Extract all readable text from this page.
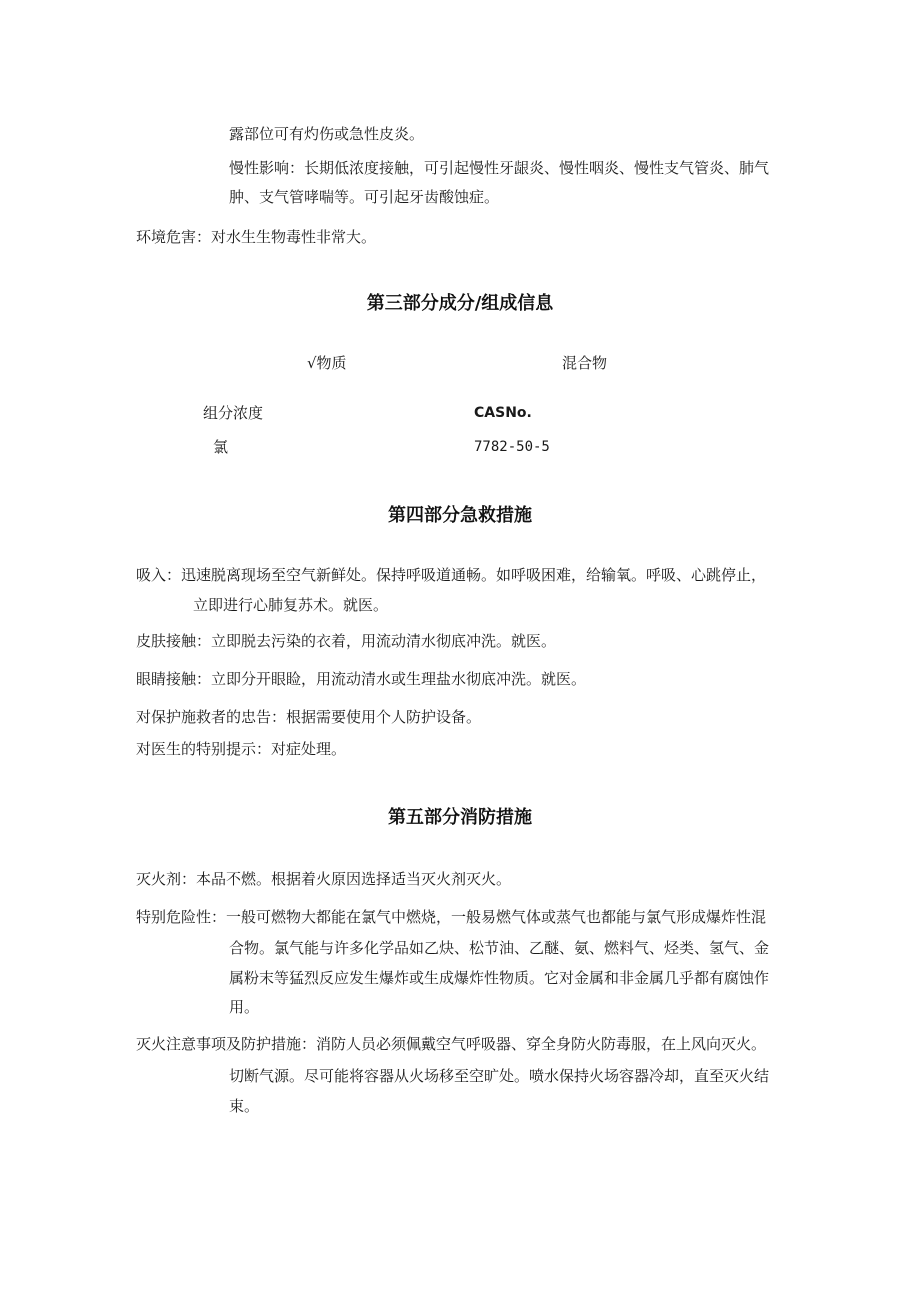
露部位可有灼伤或急性皮炎。
慢性影响：长期低浓度接触，可引起慢性牙龈炎、慢性咽炎、慢性支气管炎、肺气
肿、支气管哮喘等。可引起牙齿酸蚀症。
环境危害：对水生生物毒性非常大。
第三部分成分/组成信息
√物质	混合物
组分浓度	CASNo.
氯	7782-50-5
第四部分急救措施
吸入：迅速脱离现场至空气新鲜处。保持呼吸道通畅。如呼吸困难，给输氧。呼吸、心跳停止，
立即进行心肺复苏术。就医。
皮肤接触：立即脱去污染的衣着，用流动清水彻底冲洗。就医。
眼睛接触：立即分开眼睑，用流动清水或生理盐水彻底冲洗。就医。
对保护施救者的忠告：根据需要使用个人防护设备。
对医生的特别提示：对症处理。
第五部分消防措施
灭火剂：本品不燃。根据着火原因选择适当灭火剂灭火。
特别危险性：一般可燃物大都能在氯气中燃烧，一般易燃气体或蒸气也都能与氯气形成爆炸性混
合物。氯气能与许多化学品如乙炔、松节油、乙醚、氨、燃料气、烃类、氢气、金
属粉末等猛烈反应发生爆炸或生成爆炸性物质。它对金属和非金属几乎都有腐蚀作
用。
灭火注意事项及防护措施：消防人员必须佩戴空气呼吸器、穿全身防火防毒服，在上风向灭火。
切断气源。尽可能将容器从火场移至空旷处。喷水保持火场容器冷却，直至灭火结
束。
